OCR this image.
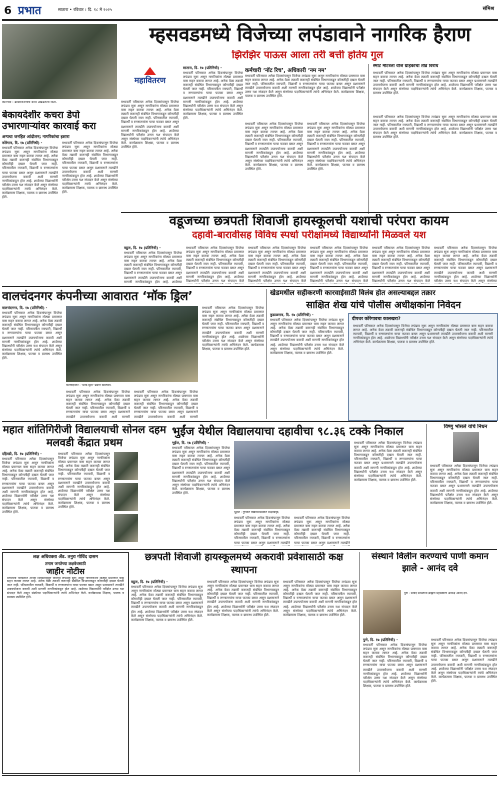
6 प्रभात	सातारा • रविवार । दि. १८ मे २०२५	संमिश्र
म्हसवडमध्ये विजेच्या लपंडावाने नागरिक हैराण
झिरझिर पाऊस आला तरी बत्ती होतेय गुल
कोरेगाव : डांबरीकरणाचे काम उखडलेला रस्ता.
महावितरण
मध्यवर्ती परिसरात अनेक दिवसांपासून विजेचा लपंडाव सुरू असून नागरिकांना मोठ्या प्रमाणात त्रास सहन करावा लागत आहे. अनेक वेळा तक्रारी करूनही संबंधित विभागाकडून कोणतीही दखल घेतली जात नाही. परिसरातील व्यापारी, विद्यार्थी व रुग्णालयांना याचा फटका बसत असून प्रशासनाने तातडीने उपाययोजना करावी अशी मागणी नागरिकांकडून होत आहे. शाळेच्या विद्यार्थ्यांनी परीक्षेत उत्तम यश संपादन केले असून संस्थेच्या पदाधिकाऱ्यांनी त्यांचे अभिनंदन केले. कार्यक्रमास शिक्षक, पालक व ग्रामस्थ उपस्थित होते.
सातारा, दि. १७ (प्रतिनिधी) -
मध्यवर्ती परिसरात अनेक दिवसांपासून विजेचा लपंडाव सुरू असून नागरिकांना मोठ्या प्रमाणात त्रास सहन करावा लागत आहे. अनेक वेळा तक्रारी करूनही संबंधित विभागाकडून कोणतीही दखल घेतली जात नाही. परिसरातील व्यापारी, विद्यार्थी व रुग्णालयांना याचा फटका बसत असून प्रशासनाने तातडीने उपाययोजना करावी अशी मागणी नागरिकांकडून होत आहे. शाळेच्या विद्यार्थ्यांनी परीक्षेत उत्तम यश संपादन केले असून संस्थेच्या पदाधिकाऱ्यांनी त्यांचे अभिनंदन केले. कार्यक्रमास शिक्षक, पालक व ग्रामस्थ उपस्थित होते.
कर्मचारी ‘नॉट रिच’, अधिकारी ‘नम नम’
मध्यवर्ती परिसरात अनेक दिवसांपासून विजेचा लपंडाव सुरू असून नागरिकांना मोठ्या प्रमाणात त्रास सहन करावा लागत आहे. अनेक वेळा तक्रारी करूनही संबंधित विभागाकडून कोणतीही दखल घेतली जात नाही. परिसरातील व्यापारी, विद्यार्थी व रुग्णालयांना याचा फटका बसत असून प्रशासनाने तातडीने उपाययोजना करावी अशी मागणी नागरिकांकडून होत आहे. शाळेच्या विद्यार्थ्यांनी परीक्षेत उत्तम यश संपादन केले असून संस्थेच्या पदाधिकाऱ्यांनी त्यांचे अभिनंदन केले. कार्यक्रमास शिक्षक, पालक व ग्रामस्थ उपस्थित होते.
मध्यवर्ती परिसरात अनेक दिवसांपासून विजेचा लपंडाव सुरू असून नागरिकांना मोठ्या प्रमाणात त्रास सहन करावा लागत आहे. अनेक वेळा तक्रारी करूनही संबंधित विभागाकडून कोणतीही दखल घेतली जात नाही. परिसरातील व्यापारी, विद्यार्थी व रुग्णालयांना याचा फटका बसत असून प्रशासनाने तातडीने उपाययोजना करावी अशी मागणी नागरिकांकडून होत आहे. शाळेच्या विद्यार्थ्यांनी परीक्षेत उत्तम यश संपादन केले असून संस्थेच्या पदाधिकाऱ्यांनी त्यांचे अभिनंदन केले. कार्यक्रमास शिक्षक, पालक व ग्रामस्थ उपस्थित होते.
मध्यवर्ती परिसरात अनेक दिवसांपासून विजेचा लपंडाव सुरू असून नागरिकांना मोठ्या प्रमाणात त्रास सहन करावा लागत आहे. अनेक वेळा तक्रारी करूनही संबंधित विभागाकडून कोणतीही दखल घेतली जात नाही. परिसरातील व्यापारी, विद्यार्थी व रुग्णालयांना याचा फटका बसत असून प्रशासनाने तातडीने उपाययोजना करावी अशी मागणी नागरिकांकडून होत आहे. शाळेच्या विद्यार्थ्यांनी परीक्षेत उत्तम यश संपादन केले असून संस्थेच्या पदाधिकाऱ्यांनी त्यांचे अभिनंदन केले. कार्यक्रमास शिक्षक, पालक व ग्रामस्थ उपस्थित होते.
स्मार्ट मीटरला वीज ग्राहकांचा तीव्र विरोध
मध्यवर्ती परिसरात अनेक दिवसांपासून विजेचा लपंडाव सुरू असून नागरिकांना मोठ्या प्रमाणात त्रास सहन करावा लागत आहे. अनेक वेळा तक्रारी करूनही संबंधित विभागाकडून कोणतीही दखल घेतली जात नाही. परिसरातील व्यापारी, विद्यार्थी व रुग्णालयांना याचा फटका बसत असून प्रशासनाने तातडीने उपाययोजना करावी अशी मागणी नागरिकांकडून होत आहे. शाळेच्या विद्यार्थ्यांनी परीक्षेत उत्तम यश संपादन केले असून संस्थेच्या पदाधिकाऱ्यांनी त्यांचे अभिनंदन केले. कार्यक्रमास शिक्षक, पालक व ग्रामस्थ उपस्थित होते.
मध्यवर्ती परिसरात अनेक दिवसांपासून विजेचा लपंडाव सुरू असून नागरिकांना मोठ्या प्रमाणात त्रास सहन करावा लागत आहे. अनेक वेळा तक्रारी करूनही संबंधित विभागाकडून कोणतीही दखल घेतली जात नाही. परिसरातील व्यापारी, विद्यार्थी व रुग्णालयांना याचा फटका बसत असून प्रशासनाने तातडीने उपाययोजना करावी अशी मागणी नागरिकांकडून होत आहे. शाळेच्या विद्यार्थ्यांनी परीक्षेत उत्तम यश संपादन केले असून संस्थेच्या पदाधिकाऱ्यांनी त्यांचे अभिनंदन केले. कार्यक्रमास शिक्षक, पालक व ग्रामस्थ उपस्थित होते.
बेकायदेशीर कचरा डेपो उभारणाऱ्यांवर कारवाई करा
अन्यथा जनहित आंदोलन; नागरिकांचा इशारा
कोरेगाव, दि. १७ (प्रतिनिधी) -
मध्यवर्ती परिसरात अनेक दिवसांपासून विजेचा लपंडाव सुरू असून नागरिकांना मोठ्या प्रमाणात त्रास सहन करावा लागत आहे. अनेक वेळा तक्रारी करूनही संबंधित विभागाकडून कोणतीही दखल घेतली जात नाही. परिसरातील व्यापारी, विद्यार्थी व रुग्णालयांना याचा फटका बसत असून प्रशासनाने तातडीने उपाययोजना करावी अशी मागणी नागरिकांकडून होत आहे. शाळेच्या विद्यार्थ्यांनी परीक्षेत उत्तम यश संपादन केले असून संस्थेच्या पदाधिकाऱ्यांनी त्यांचे अभिनंदन केले. कार्यक्रमास शिक्षक, पालक व ग्रामस्थ उपस्थित होते.
मध्यवर्ती परिसरात अनेक दिवसांपासून विजेचा लपंडाव सुरू असून नागरिकांना मोठ्या प्रमाणात त्रास सहन करावा लागत आहे. अनेक वेळा तक्रारी करूनही संबंधित विभागाकडून कोणतीही दखल घेतली जात नाही. परिसरातील व्यापारी, विद्यार्थी व रुग्णालयांना याचा फटका बसत असून प्रशासनाने तातडीने उपाययोजना करावी अशी मागणी नागरिकांकडून होत आहे. शाळेच्या विद्यार्थ्यांनी परीक्षेत उत्तम यश संपादन केले असून संस्थेच्या पदाधिकाऱ्यांनी त्यांचे अभिनंदन केले. कार्यक्रमास शिक्षक, पालक व ग्रामस्थ उपस्थित होते.
वडूजच्या छत्रपती शिवाजी हायस्कूलची यशाची परंपरा कायम
दहावी-बारावीसह विविध स्पर्धा परीक्षांमध्ये विद्यार्थ्यांनी मिळवले यश
वडूज, दि. १७ (प्रतिनिधी) -
मध्यवर्ती परिसरात अनेक दिवसांपासून विजेचा लपंडाव सुरू असून नागरिकांना मोठ्या प्रमाणात त्रास सहन करावा लागत आहे. अनेक वेळा तक्रारी करूनही संबंधित विभागाकडून कोणतीही दखल घेतली जात नाही. परिसरातील व्यापारी, विद्यार्थी व रुग्णालयांना याचा फटका बसत असून प्रशासनाने तातडीने उपाययोजना करावी अशी मागणी नागरिकांकडून होत आहे. शाळेच्या
मध्यवर्ती परिसरात अनेक दिवसांपासून विजेचा लपंडाव सुरू असून नागरिकांना मोठ्या प्रमाणात त्रास सहन करावा लागत आहे. अनेक वेळा तक्रारी करूनही संबंधित विभागाकडून कोणतीही दखल घेतली जात नाही. परिसरातील व्यापारी, विद्यार्थी व रुग्णालयांना याचा फटका बसत असून प्रशासनाने तातडीने उपाययोजना करावी अशी मागणी नागरिकांकडून होत आहे. शाळेच्या विद्यार्थ्यांनी परीक्षेत उत्तम यश संपादन केले
मध्यवर्ती परिसरात अनेक दिवसांपासून विजेचा लपंडाव सुरू असून नागरिकांना मोठ्या प्रमाणात त्रास सहन करावा लागत आहे. अनेक वेळा तक्रारी करूनही संबंधित विभागाकडून कोणतीही दखल घेतली जात नाही. परिसरातील व्यापारी, विद्यार्थी व रुग्णालयांना याचा फटका बसत असून प्रशासनाने तातडीने उपाययोजना करावी अशी मागणी नागरिकांकडून होत आहे. शाळेच्या विद्यार्थ्यांनी परीक्षेत उत्तम यश संपादन केले
मध्यवर्ती परिसरात अनेक दिवसांपासून विजेचा लपंडाव सुरू असून नागरिकांना मोठ्या प्रमाणात त्रास सहन करावा लागत आहे. अनेक वेळा तक्रारी करूनही संबंधित विभागाकडून कोणतीही दखल घेतली जात नाही. परिसरातील व्यापारी, विद्यार्थी व रुग्णालयांना याचा फटका बसत असून प्रशासनाने तातडीने उपाययोजना करावी अशी मागणी नागरिकांकडून होत आहे. शाळेच्या विद्यार्थ्यांनी परीक्षेत उत्तम यश संपादन केले
मध्यवर्ती परिसरात अनेक दिवसांपासून विजेचा लपंडाव सुरू असून नागरिकांना मोठ्या प्रमाणात त्रास सहन करावा लागत आहे. अनेक वेळा तक्रारी करूनही संबंधित विभागाकडून कोणतीही दखल घेतली जात नाही. परिसरातील व्यापारी, विद्यार्थी व रुग्णालयांना याचा फटका बसत असून प्रशासनाने तातडीने उपाययोजना करावी अशी मागणी नागरिकांकडून होत आहे. शाळेच्या विद्यार्थ्यांनी परीक्षेत उत्तम यश संपादन केले
मध्यवर्ती परिसरात अनेक दिवसांपासून विजेचा लपंडाव सुरू असून नागरिकांना मोठ्या प्रमाणात त्रास सहन करावा लागत आहे. अनेक वेळा तक्रारी करूनही संबंधित विभागाकडून कोणतीही दखल घेतली जात नाही. परिसरातील व्यापारी, विद्यार्थी व रुग्णालयांना याचा फटका बसत असून प्रशासनाने तातडीने उपाययोजना करावी अशी मागणी नागरिकांकडून होत आहे. शाळेच्या विद्यार्थ्यांनी परीक्षेत उत्तम यश संपादन केले असून संस्थेच्या
वालचंदनगर कंपनीच्या आवारात ‘मॉक ड्रिल’
वालचंदनगर, दि. १७ (प्रतिनिधी) -
मध्यवर्ती परिसरात अनेक दिवसांपासून विजेचा लपंडाव सुरू असून नागरिकांना मोठ्या प्रमाणात त्रास सहन करावा लागत आहे. अनेक वेळा तक्रारी करूनही संबंधित विभागाकडून कोणतीही दखल घेतली जात नाही. परिसरातील व्यापारी, विद्यार्थी व रुग्णालयांना याचा फटका बसत असून प्रशासनाने तातडीने उपाययोजना करावी अशी मागणी नागरिकांकडून होत आहे. शाळेच्या विद्यार्थ्यांनी परीक्षेत उत्तम यश संपादन केले असून संस्थेच्या पदाधिकाऱ्यांनी त्यांचे अभिनंदन केले. कार्यक्रमास शिक्षक, पालक व ग्रामस्थ उपस्थित होते.
वालचंदनगर : ‘मॉक ड्रिल’ प्रसंगी कर्मचारी.
मध्यवर्ती परिसरात अनेक दिवसांपासून विजेचा लपंडाव सुरू असून नागरिकांना मोठ्या प्रमाणात त्रास सहन करावा लागत आहे. अनेक वेळा तक्रारी करूनही संबंधित विभागाकडून कोणतीही दखल घेतली जात नाही. परिसरातील व्यापारी, विद्यार्थी व रुग्णालयांना याचा फटका बसत असून प्रशासनाने तातडीने उपाययोजना करावी अशी मागणी
मध्यवर्ती परिसरात अनेक दिवसांपासून विजेचा लपंडाव सुरू असून नागरिकांना मोठ्या प्रमाणात त्रास सहन करावा लागत आहे. अनेक वेळा तक्रारी करूनही संबंधित विभागाकडून कोणतीही दखल घेतली जात नाही. परिसरातील व्यापारी, विद्यार्थी व रुग्णालयांना याचा फटका बसत असून प्रशासनाने तातडीने उपाययोजना करावी अशी मागणी
मध्यवर्ती परिसरात अनेक दिवसांपासून विजेचा लपंडाव सुरू असून नागरिकांना मोठ्या प्रमाणात त्रास सहन करावा लागत आहे. अनेक वेळा तक्रारी करूनही संबंधित विभागाकडून कोणतीही दखल घेतली जात नाही. परिसरातील व्यापारी, विद्यार्थी व रुग्णालयांना याचा फटका बसत असून प्रशासनाने तातडीने उपाययोजना करावी अशी मागणी नागरिकांकडून होत आहे. शाळेच्या विद्यार्थ्यांनी परीक्षेत उत्तम यश संपादन केले असून संस्थेच्या पदाधिकाऱ्यांनी त्यांचे अभिनंदन केले. कार्यक्रमास शिक्षक, पालक व ग्रामस्थ उपस्थित होते.
खेडमधील सहीकरणी कारवाईसाठी विलंब होत असल्याबद्दल तक्रार
साक्षित शेख यांचे पोलीस अधीक्षकांना निवेदन
कुडाळगाव, दि. १७ (प्रतिनिधी) -
मध्यवर्ती परिसरात अनेक दिवसांपासून विजेचा लपंडाव सुरू असून नागरिकांना मोठ्या प्रमाणात त्रास सहन करावा लागत आहे. अनेक वेळा तक्रारी करूनही संबंधित विभागाकडून कोणतीही दखल घेतली जात नाही. परिसरातील व्यापारी, विद्यार्थी व रुग्णालयांना याचा फटका बसत असून प्रशासनाने तातडीने उपाययोजना करावी अशी मागणी नागरिकांकडून होत आहे. शाळेच्या विद्यार्थ्यांनी परीक्षेत उत्तम यश संपादन केले असून संस्थेच्या पदाधिकाऱ्यांनी त्यांचे अभिनंदन केले. कार्यक्रमास शिक्षक, पालक व ग्रामस्थ उपस्थित होते.
दीपधर कोरेगावचा कालखरा?
मध्यवर्ती परिसरात अनेक दिवसांपासून विजेचा लपंडाव सुरू असून नागरिकांना मोठ्या प्रमाणात त्रास सहन करावा लागत आहे. अनेक वेळा तक्रारी करूनही संबंधित विभागाकडून कोणतीही दखल घेतली जात नाही. परिसरातील व्यापारी, विद्यार्थी व रुग्णालयांना याचा फटका बसत असून प्रशासनाने तातडीने उपाययोजना करावी अशी मागणी नागरिकांकडून होत आहे. शाळेच्या विद्यार्थ्यांनी परीक्षेत उत्तम यश संपादन केले असून संस्थेच्या पदाधिकाऱ्यांनी त्यांचे अभिनंदन केले. कार्यक्रमास शिक्षक, पालक व ग्रामस्थ उपस्थित होते.
महात शांतिगिरीजी विद्यालयाची सोनल दहम मलवडी केंद्रात प्रथम
दहिवडी, दि. १७ (प्रतिनिधी) -
मध्यवर्ती परिसरात अनेक दिवसांपासून विजेचा लपंडाव सुरू असून नागरिकांना मोठ्या प्रमाणात त्रास सहन करावा लागत आहे. अनेक वेळा तक्रारी करूनही संबंधित विभागाकडून कोणतीही दखल घेतली जात नाही. परिसरातील व्यापारी, विद्यार्थी व रुग्णालयांना याचा फटका बसत असून प्रशासनाने तातडीने उपाययोजना करावी अशी मागणी नागरिकांकडून होत आहे. शाळेच्या विद्यार्थ्यांनी परीक्षेत उत्तम यश संपादन केले असून संस्थेच्या पदाधिकाऱ्यांनी त्यांचे अभिनंदन केले. कार्यक्रमास शिक्षक, पालक व ग्रामस्थ उपस्थित होते.
मध्यवर्ती परिसरात अनेक दिवसांपासून विजेचा लपंडाव सुरू असून नागरिकांना मोठ्या प्रमाणात त्रास सहन करावा लागत आहे. अनेक वेळा तक्रारी करूनही संबंधित विभागाकडून कोणतीही दखल घेतली जात नाही. परिसरातील व्यापारी, विद्यार्थी व रुग्णालयांना याचा फटका बसत असून प्रशासनाने तातडीने उपाययोजना करावी अशी मागणी नागरिकांकडून होत आहे. शाळेच्या विद्यार्थ्यांनी परीक्षेत उत्तम यश संपादन केले असून संस्थेच्या पदाधिकाऱ्यांनी त्यांचे अभिनंदन केले. कार्यक्रमास शिक्षक, पालक व ग्रामस्थ उपस्थित होते.
भुईंज येथील विद्यालयाचा दहावीचा ९८.३६ टक्के निकाल
भुईंज, दि. १७ (प्रतिनिधी) -
मध्यवर्ती परिसरात अनेक दिवसांपासून विजेचा लपंडाव सुरू असून नागरिकांना मोठ्या प्रमाणात त्रास सहन करावा लागत आहे. अनेक वेळा तक्रारी करूनही संबंधित विभागाकडून कोणतीही दखल घेतली जात नाही. परिसरातील व्यापारी, विद्यार्थी व रुग्णालयांना याचा फटका बसत असून प्रशासनाने तातडीने उपाययोजना करावी अशी मागणी नागरिकांकडून होत आहे. शाळेच्या विद्यार्थ्यांनी परीक्षेत उत्तम यश संपादन केले असून संस्थेच्या पदाधिकाऱ्यांनी त्यांचे अभिनंदन केले. कार्यक्रमास शिक्षक, पालक व ग्रामस्थ उपस्थित होते.
भुईंज : गुणवंत विद्यार्थ्यांसमवेत शिक्षकवृंद.
मध्यवर्ती परिसरात अनेक दिवसांपासून विजेचा लपंडाव सुरू असून नागरिकांना मोठ्या प्रमाणात त्रास सहन करावा लागत आहे. अनेक वेळा तक्रारी करूनही संबंधित विभागाकडून कोणतीही दखल घेतली जात नाही. परिसरातील व्यापारी, विद्यार्थी व रुग्णालयांना याचा फटका बसत असून प्रशासनाने तातडीने
मध्यवर्ती परिसरात अनेक दिवसांपासून विजेचा लपंडाव सुरू असून नागरिकांना मोठ्या प्रमाणात त्रास सहन करावा लागत आहे. अनेक वेळा तक्रारी करूनही संबंधित विभागाकडून कोणतीही दखल घेतली जात नाही. परिसरातील व्यापारी, विद्यार्थी व रुग्णालयांना याचा फटका बसत असून प्रशासनाने तातडीने
मध्यवर्ती परिसरात अनेक दिवसांपासून विजेचा लपंडाव सुरू असून नागरिकांना मोठ्या प्रमाणात त्रास सहन करावा लागत आहे. अनेक वेळा तक्रारी करूनही संबंधित विभागाकडून कोणतीही दखल घेतली जात नाही. परिसरातील व्यापारी, विद्यार्थी व रुग्णालयांना याचा फटका बसत असून प्रशासनाने तातडीने उपाययोजना करावी अशी मागणी नागरिकांकडून होत आहे. शाळेच्या विद्यार्थ्यांनी परीक्षेत उत्तम यश संपादन केले असून संस्थेच्या पदाधिकाऱ्यांनी त्यांचे अभिनंदन केले. कार्यक्रमास शिक्षक, पालक व ग्रामस्थ उपस्थित होते.
विष्णु भोसले यांचे निधन
मध्यवर्ती परिसरात अनेक दिवसांपासून विजेचा लपंडाव सुरू असून नागरिकांना मोठ्या प्रमाणात त्रास सहन करावा लागत आहे. अनेक वेळा तक्रारी करूनही संबंधित विभागाकडून कोणतीही दखल घेतली जात नाही. परिसरातील व्यापारी, विद्यार्थी व रुग्णालयांना याचा फटका बसत असून प्रशासनाने तातडीने उपाययोजना करावी अशी मागणी नागरिकांकडून होत आहे. शाळेच्या विद्यार्थ्यांनी परीक्षेत उत्तम यश संपादन केले असून संस्थेच्या पदाधिकाऱ्यांनी त्यांचे अभिनंदन केले. कार्यक्रमास शिक्षक, पालक व ग्रामस्थ उपस्थित होते.
लक्ष अधिवक्ता ॲड. तनुरा गोविंद दासम
तमाम जनतेच्या लक्षवेधसाठी
जाहीर नोटीस
मध्यवर्ती परिसरात अनेक दिवसांपासून विजेचा लपंडाव सुरू असून नागरिकांना मोठ्या प्रमाणात त्रास सहन करावा लागत आहे. अनेक वेळा तक्रारी करूनही संबंधित विभागाकडून कोणतीही दखल घेतली जात नाही. परिसरातील व्यापारी, विद्यार्थी व रुग्णालयांना याचा फटका बसत असून प्रशासनाने तातडीने उपाययोजना करावी अशी मागणी नागरिकांकडून होत आहे. शाळेच्या विद्यार्थ्यांनी परीक्षेत उत्तम यश संपादन केले असून संस्थेच्या पदाधिकाऱ्यांनी त्यांचे अभिनंदन केले. कार्यक्रमास शिक्षक, पालक व ग्रामस्थ उपस्थित होते.
छत्रपती शिवाजी हायस्कूलमध्ये अकरावी प्रवेशासाठी कक्ष स्थापना
वडूज, दि. १७ (प्रतिनिधी) -
मध्यवर्ती परिसरात अनेक दिवसांपासून विजेचा लपंडाव सुरू असून नागरिकांना मोठ्या प्रमाणात त्रास सहन करावा लागत आहे. अनेक वेळा तक्रारी करूनही संबंधित विभागाकडून कोणतीही दखल घेतली जात नाही. परिसरातील व्यापारी, विद्यार्थी व रुग्णालयांना याचा फटका बसत असून प्रशासनाने तातडीने उपाययोजना करावी अशी मागणी नागरिकांकडून होत आहे. शाळेच्या विद्यार्थ्यांनी परीक्षेत उत्तम यश संपादन केले असून संस्थेच्या पदाधिकाऱ्यांनी त्यांचे अभिनंदन केले. कार्यक्रमास शिक्षक, पालक व ग्रामस्थ उपस्थित होते.
मध्यवर्ती परिसरात अनेक दिवसांपासून विजेचा लपंडाव सुरू असून नागरिकांना मोठ्या प्रमाणात त्रास सहन करावा लागत आहे. अनेक वेळा तक्रारी करूनही संबंधित विभागाकडून कोणतीही दखल घेतली जात नाही. परिसरातील व्यापारी, विद्यार्थी व रुग्णालयांना याचा फटका बसत असून प्रशासनाने तातडीने उपाययोजना करावी अशी मागणी नागरिकांकडून होत आहे. शाळेच्या विद्यार्थ्यांनी परीक्षेत उत्तम यश संपादन केले असून संस्थेच्या पदाधिकाऱ्यांनी त्यांचे अभिनंदन केले. कार्यक्रमास शिक्षक, पालक व ग्रामस्थ उपस्थित होते.
मध्यवर्ती परिसरात अनेक दिवसांपासून विजेचा लपंडाव सुरू असून नागरिकांना मोठ्या प्रमाणात त्रास सहन करावा लागत आहे. अनेक वेळा तक्रारी करूनही संबंधित विभागाकडून कोणतीही दखल घेतली जात नाही. परिसरातील व्यापारी, विद्यार्थी व रुग्णालयांना याचा फटका बसत असून प्रशासनाने तातडीने उपाययोजना करावी अशी मागणी नागरिकांकडून होत आहे. शाळेच्या विद्यार्थ्यांनी परीक्षेत उत्तम यश संपादन केले असून संस्थेच्या पदाधिकाऱ्यांनी त्यांचे अभिनंदन केले. कार्यक्रमास शिक्षक, पालक व ग्रामस्थ उपस्थित होते.
संस्थाने विलीन करण्याचे पाणी कमान झाले - आनंद दवे
पुणे : संवाद साधताना ब्राह्मण महासंघाचे अध्यक्ष आनंद दवे.
पुणे, दि. १७ (प्रतिनिधी) -
मध्यवर्ती परिसरात अनेक दिवसांपासून विजेचा लपंडाव सुरू असून नागरिकांना मोठ्या प्रमाणात त्रास सहन करावा लागत आहे. अनेक वेळा तक्रारी करूनही संबंधित विभागाकडून कोणतीही दखल घेतली जात नाही. परिसरातील व्यापारी, विद्यार्थी व रुग्णालयांना याचा फटका बसत असून प्रशासनाने तातडीने उपाययोजना करावी अशी मागणी नागरिकांकडून होत आहे. शाळेच्या विद्यार्थ्यांनी परीक्षेत उत्तम यश संपादन केले असून संस्थेच्या पदाधिकाऱ्यांनी त्यांचे अभिनंदन केले. कार्यक्रमास शिक्षक, पालक व ग्रामस्थ उपस्थित होते.
मध्यवर्ती परिसरात अनेक दिवसांपासून विजेचा लपंडाव सुरू असून नागरिकांना मोठ्या प्रमाणात त्रास सहन करावा लागत आहे. अनेक वेळा तक्रारी करूनही संबंधित विभागाकडून कोणतीही दखल घेतली जात नाही. परिसरातील व्यापारी, विद्यार्थी व रुग्णालयांना याचा फटका बसत असून प्रशासनाने तातडीने उपाययोजना करावी अशी मागणी नागरिकांकडून होत आहे. शाळेच्या विद्यार्थ्यांनी परीक्षेत उत्तम यश संपादन केले असून संस्थेच्या पदाधिकाऱ्यांनी त्यांचे अभिनंदन केले. कार्यक्रमास शिक्षक, पालक व ग्रामस्थ उपस्थित होते.
